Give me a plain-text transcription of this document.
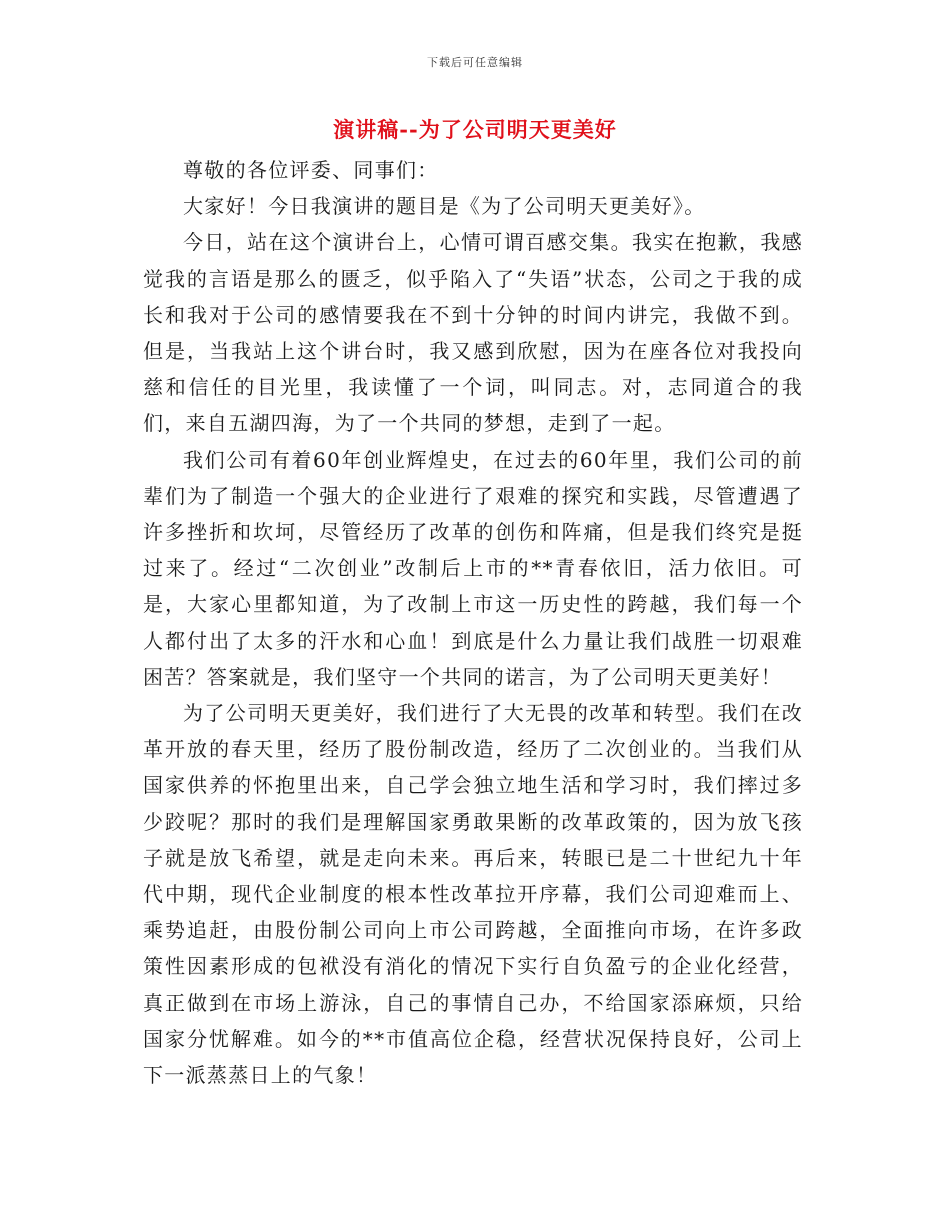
下载后可任意编辑
演讲稿--为了公司明天更美好

尊敬的各位评委、同事们：

大家好！今日我演讲的题目是《为了公司明天更美好》。

今日，站在这个演讲台上，心情可谓百感交集。我实在抱歉，我感觉我的言语是那么的匮乏，似乎陷入了“失语”状态，公司之于我的成长和我对于公司的感情要我在不到十分钟的时间内讲完，我做不到。但是，当我站上这个讲台时，我又感到欣慰，因为在座各位对我投向慈和信任的目光里，我读懂了一个词，叫同志。对，志同道合的我们，来自五湖四海，为了一个共同的梦想，走到了一起。

我们公司有着60年创业辉煌史，在过去的60年里，我们公司的前辈们为了制造一个强大的企业进行了艰难的探究和实践，尽管遭遇了许多挫折和坎坷，尽管经历了改革的创伤和阵痛，但是我们终究是挺过来了。经过“二次创业”改制后上市的**青春依旧，活力依旧。可是，大家心里都知道，为了改制上市这一历史性的跨越，我们每一个人都付出了太多的汗水和心血！到底是什么力量让我们战胜一切艰难困苦？答案就是，我们坚守一个共同的诺言，为了公司明天更美好！

为了公司明天更美好，我们进行了大无畏的改革和转型。我们在改革开放的春天里，经历了股份制改造，经历了二次创业的。当我们从国家供养的怀抱里出来，自己学会独立地生活和学习时，我们摔过多少跤呢？那时的我们是理解国家勇敢果断的改革政策的，因为放飞孩子就是放飞希望，就是走向未来。再后来，转眼已是二十世纪九十年代中期，现代企业制度的根本性改革拉开序幕，我们公司迎难而上、乘势追赶，由股份制公司向上市公司跨越，全面推向市场，在许多政策性因素形成的包袱没有消化的情况下实行自负盈亏的企业化经营，真正做到在市场上游泳，自己的事情自己办，不给国家添麻烦，只给国家分忧解难。如今的**市值高位企稳，经营状况保持良好，公司上下一派蒸蒸日上的气象！
